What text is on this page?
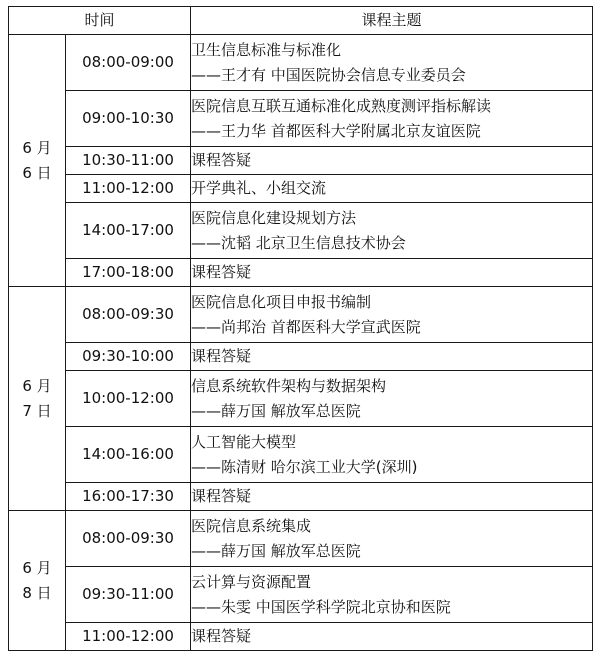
时间		课程主题

6 月
6 日	08:00-09:00	卫生信息标准与标准化
——王才有 中国医院协会信息专业委员会

	09:00-10:30	医院信息互联互通标准化成熟度测评指标解读
——王力华 首都医科大学附属北京友谊医院

	10:30-11:00	课程答疑

	11:00-12:00	开学典礼、小组交流

	14:00-17:00	医院信息化建设规划方法
——沈韬 北京卫生信息技术协会

	17:00-18:00	课程答疑

6 月
7 日	08:00-09:30	医院信息化项目申报书编制
——尚邦治 首都医科大学宣武医院

	09:30-10:00	课程答疑

	10:00-12:00	信息系统软件架构与数据架构
——薛万国 解放军总医院

	14:00-16:00	人工智能大模型
——陈清财 哈尔滨工业大学(深圳)

	16:00-17:30	课程答疑

6 月
8 日	08:00-09:30	医院信息系统集成
——薛万国 解放军总医院

	09:30-11:00	云计算与资源配置
——朱雯 中国医学科学院北京协和医院

	11:00-12:00	课程答疑
